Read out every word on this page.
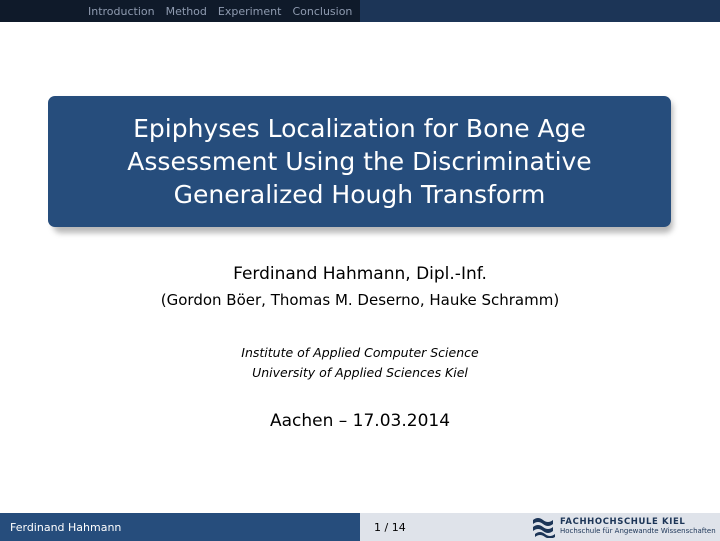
Introduction Method Experiment Conclusion
Epiphyses Localization for Bone Age
Assessment Using the Discriminative
Generalized Hough Transform
Ferdinand Hahmann, Dipl.-Inf.
(Gordon Böer, Thomas M. Deserno, Hauke Schramm)
Institute of Applied Computer Science
University of Applied Sciences Kiel
Aachen – 17.03.2014
Ferdinand Hahmann	1 / 14	FACHHOCHSCHULE KIEL
Hochschule für Angewandte Wissenschaften
